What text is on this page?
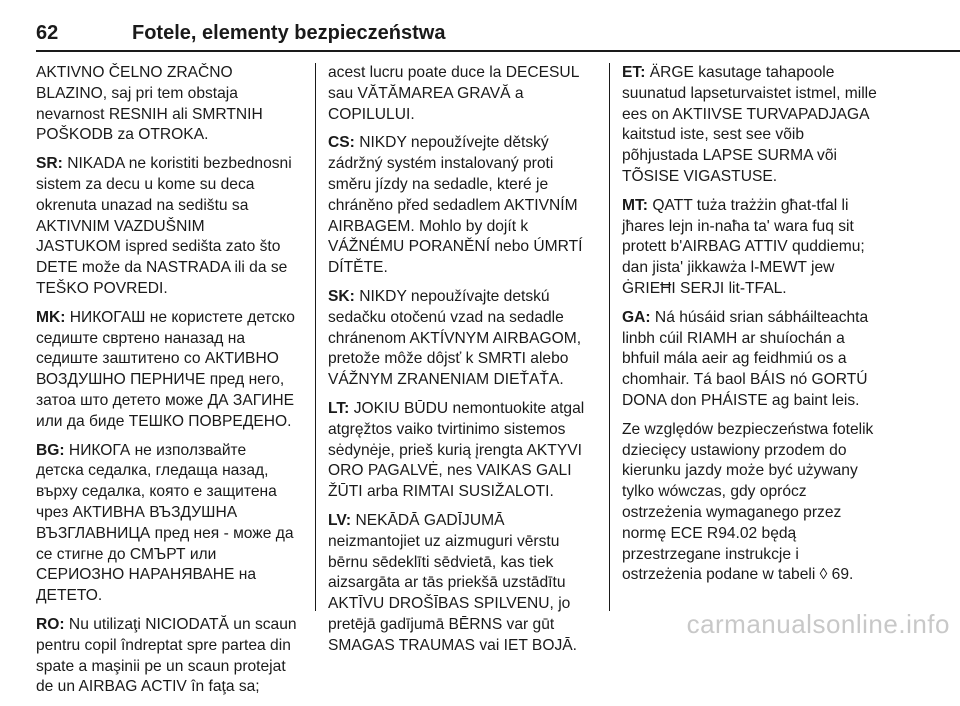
62	Fotele, elementy bezpieczeństwa

AKTIVNO ČELNO ZRAČNO
BLAZINO, saj pri tem obstaja
nevarnost RESNIH ali SMRTNIH
POŠKODB za OTROKA.

SR: NIKADA ne koristiti bezbednosni
sistem za decu u kome su deca
okrenuta unazad na sedištu sa
AKTIVNIM VAZDUŠNIM
JASTUKOM ispred sedišta zato što
DETE može da NASTRADA ili da se
TEŠKO POVREDI.

MK: НИКОГАШ не користете детско
седиште свртено наназад на
седиште заштитено со АКТИВНО
ВОЗДУШНО ПЕРНИЧЕ пред него,
затоа што детето може ДА ЗАГИНЕ
или да биде ТЕШКО ПОВРЕДЕНО.

BG: НИКОГА не използвайте
детска седалка, гледаща назад,
върху седалка, която е защитена
чрез АКТИВНА ВЪЗДУШНА
ВЪЗГЛАВНИЦА пред нея - може да
се стигне до СМЪРТ или
СЕРИОЗНО НАРАНЯВАНЕ на
ДЕТЕТО.

RO: Nu utilizaţi NICIODATĂ un scaun
pentru copil îndreptat spre partea din
spate a maşinii pe un scaun protejat
de un AIRBAG ACTIV în faţa sa;

acest lucru poate duce la DECESUL
sau VĂTĂMAREA GRAVĂ a
COPILULUI.

CS: NIKDY nepoužívejte dětský
zádržný systém instalovaný proti
směru jízdy na sedadle, které je
chráněno před sedadlem AKTIVNÍM
AIRBAGEM. Mohlo by dojít k
VÁŽNÉMU PORANĚNÍ nebo ÚMRTÍ
DÍTĚTE.

SK: NIKDY nepoužívajte detskú
sedačku otočenú vzad na sedadle
chránenom AKTÍVNYM AIRBAGOM,
pretože môže dôjsť k SMRTI alebo
VÁŽNYM ZRANENIAM DIEŤAŤA.

LT: JOKIU BŪDU nemontuokite atgal
atgręžtos vaiko tvirtinimo sistemos
sėdynėje, prieš kurią įrengta AKTYVI
ORO PAGALVĖ, nes VAIKAS GALI
ŽŪTI arba RIMTAI SUSIŽALOTI.

LV: NEKĀDĀ GADĪJUMĀ
neizmantojiet uz aizmuguri vērstu
bērnu sēdeklīti sēdvietā, kas tiek
aizsargāta ar tās priekšā uzstādītu
AKTĪVU DROŠĪBAS SPILVENU, jo
pretējā gadījumā BĒRNS var gūt
SMAGAS TRAUMAS vai IET BOJĀ.

ET: ÄRGE kasutage tahapoole
suunatud lapseturvaistet istmel, mille
ees on AKTIIVSE TURVAPADJAGA
kaitstud iste, sest see võib
põhjustada LAPSE SURMA või
TÕSISE VIGASTUSE.

MT: QATT tuża trażżin għat-tfal li
jħares lejn in-naħa ta' wara fuq sit
protett b'AIRBAG ATTIV quddiemu;
dan jista' jikkawża l-MEWT jew
ĠRIEĦI SERJI lit-TFAL.

GA: Ná húsáid srian sábháilteachta
linbh cúil RIAMH ar shuíochán a
bhfuil mála aeir ag feidhmiú os a
chomhair. Tá baol BÁIS nó GORTÚ
DONA don PHÁISTE ag baint leis.

Ze względów bezpieczeństwa fotelik
dziecięcy ustawiony przodem do
kierunku jazdy może być używany
tylko wówczas, gdy oprócz
ostrzeżenia wymaganego przez
normę ECE R94.02 będą
przestrzegane instrukcje i
ostrzeżenia podane w tabeli ◊ 69.

carmanualsonline.info
